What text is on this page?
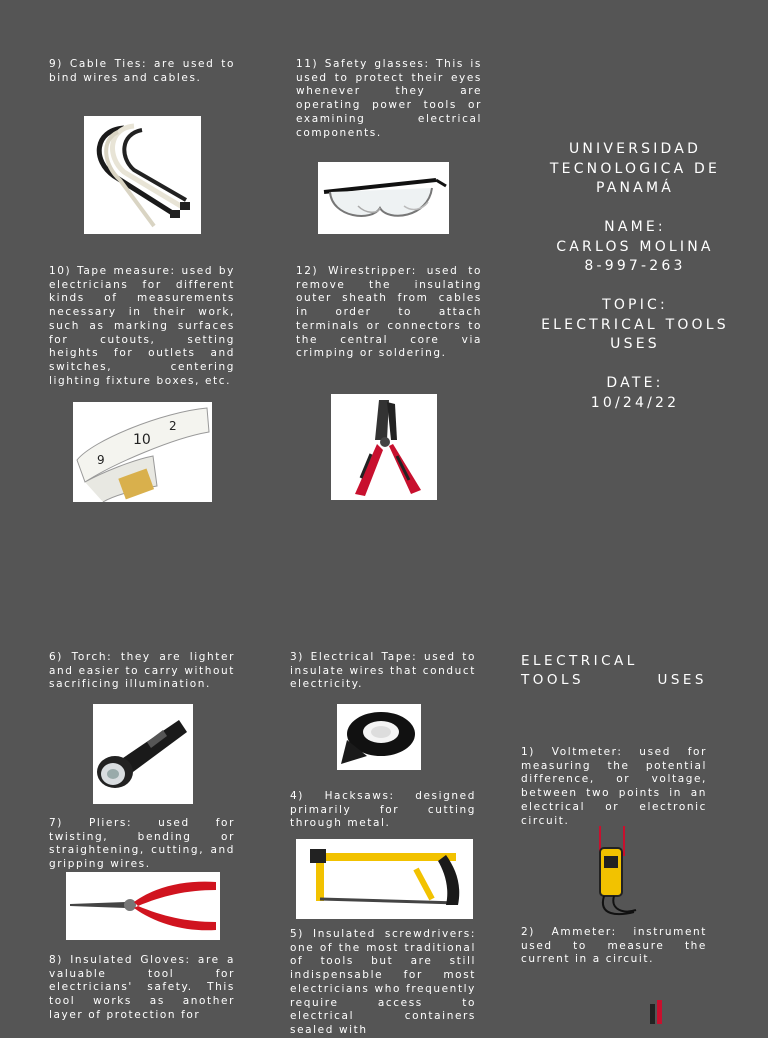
9) Cable Ties: are used to bind wires and cables.

11) Safety glasses: This is used to protect their eyes whenever they are operating power tools or examining electrical components.

10) Tape measure: used by electricians for different kinds of measurements necessary in their work, such as marking surfaces for cutouts, setting heights for outlets and switches, centering lighting fixture boxes, etc.

9
10
2

12) Wirestripper: used to remove the insulating outer sheath from cables in order to attach terminals or connectors to the central core via crimping or soldering.

UNIVERSIDAD TECNOLOGICA DE PANAMÁ
NAME:
CARLOS MOLINA
8-997-263
TOPIC:
ELECTRICAL TOOLS USES
DATE:
10/24/22

6) Torch: they are lighter and easier to carry without sacrificing illumination.

7) Pliers: used for twisting, bending or straightening, cutting, and gripping wires.

8) Insulated Gloves: are a valuable tool for electricians' safety. This tool works as another layer of protection for

3) Electrical Tape: used to insulate wires that conduct electricity.

4) Hacksaws: designed primarily for cutting through metal.

5) Insulated screwdrivers: one of the most traditional of tools but are still indispensable for most electricians who frequently require access to electrical containers sealed with

ELECTRICAL TOOLS USES

1) Voltmeter: used for measuring the potential difference, or voltage, between two points in an electrical or electronic circuit.

2) Ammeter: instrument used to measure the current in a circuit.
